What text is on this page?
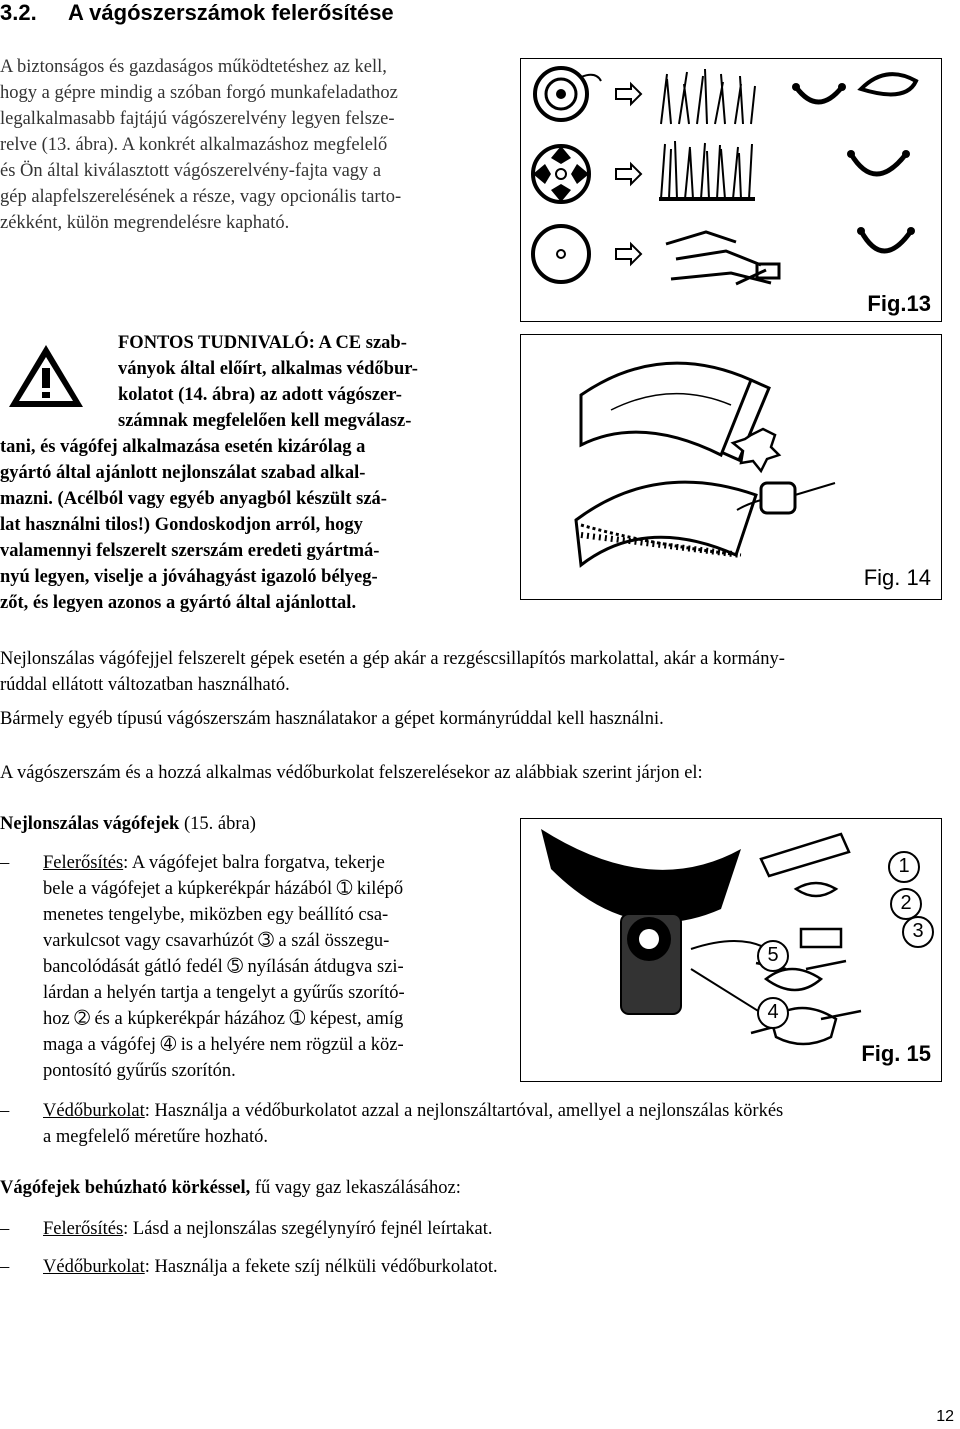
3.2. A vágószerszámok felerősítése
A biztonságos és gazdaságos működtetéshez az kell,
hogy a gépre mindig a szóban forgó munkafeladathoz
legalkalmasabb fajtájú vágószerelvény legyen felsze-
relve (13. ábra). A konkrét alkalmazáshoz megfelelő
és Ön által kiválasztott vágószerelvény-fajta vagy a
gép alapfelszerelésének a része, vagy opcionális tarto-
zékként, külön megrendelésre kapható.
Fig.13
FONTOS TUDNIVALÓ: A CE szab-
ványok által előírt, alkalmas védőbur-
kolatot (14. ábra) az adott vágószer-
számnak megfelelően kell megválasz-
tani, és vágófej alkalmazása esetén kizárólag a
gyártó által ajánlott nejlonszálat szabad alkal-
mazni. (Acélból vagy egyéb anyagból készült szá-
lat használni tilos!) Gondoskodjon arról, hogy
valamennyi felszerelt szerszám eredeti gyártmá-
nyú legyen, viselje a jóváhagyást igazoló bélyeg-
zőt, és legyen azonos a gyártó által ajánlottal.
Fig. 14
Nejlonszálas vágófejjel felszerelt gépek esetén a gép akár a rezgéscsillapítós markolattal, akár a kormány-
rúddal ellátott változatban használható.
Bármely egyéb típusú vágószerszám használatakor a gépet kormányrúddal kell használni.
A vágószerszám és a hozzá alkalmas védőburkolat felszerelésekor az alábbiak szerint járjon el:
Nejlonszálas vágófejek (15. ábra)
– Felerősítés: A vágófejet balra forgatva, tekerje
bele a vágófejet a kúpkerékpár házából ➀ kilépő
menetes tengelybe, miközben egy beállító csa-
varkulcsot vagy csavarhúzót ➂ a szál összegu-
bancolódását gátló fedél ➄ nyílásán átdugva szi-
lárdan a helyén tartja a tengelyt a gyűrűs szorító-
hoz ➁ és a kúpkerékpár házához ➀ képest, amíg
maga a vágófej ➃ is a helyére nem rögzül a köz-
pontosító gyűrűs szorítón.
1
2
3
5
4
Fig. 15
– Védőburkolat: Használja a védőburkolatot azzal a nejlonszáltartóval, amellyel a nejlonszálas körkés
a megfelelő méretűre hozható.
Vágófejek behúzható körkéssel, fű vagy gaz lekaszálásához:
– Felerősítés: Lásd a nejlonszálas szegélynyíró fejnél leírtakat.
– Védőburkolat: Használja a fekete szíj nélküli védőburkolatot.
12
